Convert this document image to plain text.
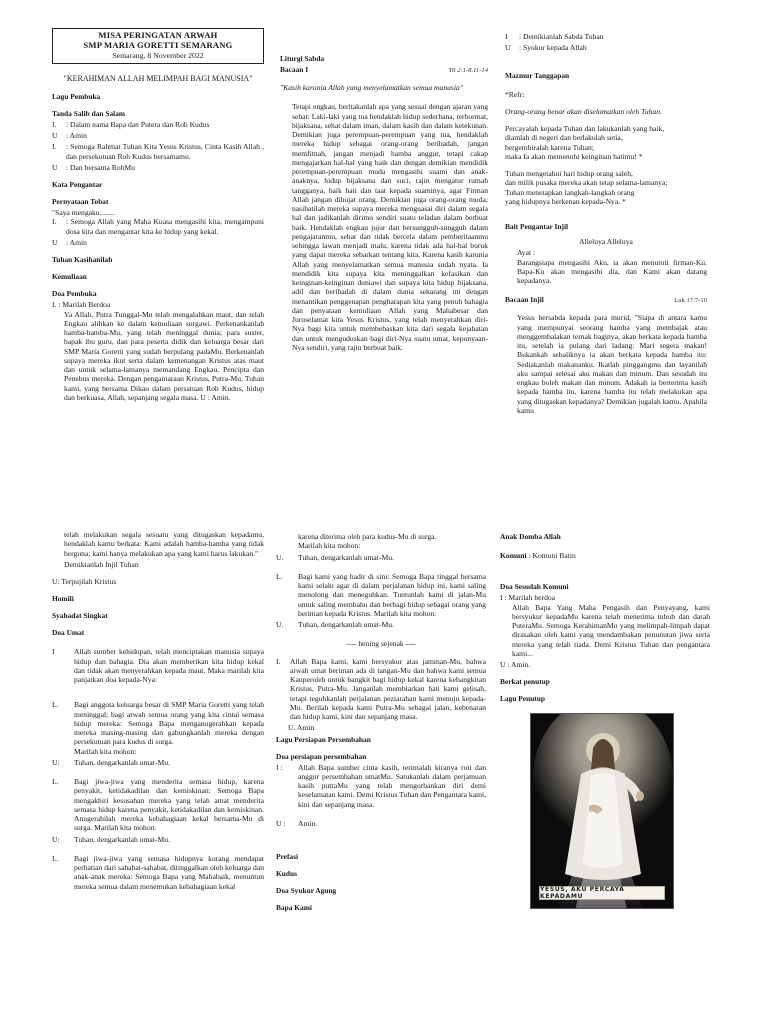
MISA PERINGATAN ARWAH
SMP MARIA GORETTI SEMARANG
Semarang, 8 November 2022
"KERAHIMAN ALLAH MELIMPAH BAGI MANUSIA"
Lagu Pembuka
Tanda Salib dan Salam
I.	: Dalam nama Bapa dan Putera dan Roh Kudus
U	: Amin
I.	: Semoga Rahmat Tuhan Kita Yesus Kristus, Cinta Kasih Allah , dan persekutuan Roh Kudus bersamamu.
U	: Dan bersama RohMu
Kata Pengantar
Pernyataan Tobat
"Saya mengaku........
I.	: Semoga Allah yang Maha Kuasa mengasihi kita, mengampuni dosa kita dan mengantar kita ke hidup yang kekal.
U	: Amin
Tuhan Kasihanilah
Kemuliaan
Doa Pembuka
I. : Marilah Berdoa

Ya Allah, Putra Tunggal-Mu telah mengalahkan maut, dan telah Engkau alihkan ke dalam kemuliaan surgawi. Perkenankanlah hamba-hamba-Mu, yang telah meninggal dunia; para suster, bapak ibu guru, dan para peserta didik dan keluarga besar dari SMP Maria Goretti yang sudah berpulang padaMu. Berkenanlah supaya mereka ikut serta dalam kemenangan Kristus atas maut dan untuk selama-lamanya memandang Engkau, Pencipta dan Penebus mereka. Dengan pengantaraan Kristus, Putra-Mu, Tuhan kami, yang bersama Dikau dalam persatuan Roh Kudus, hidup dan berkuasa, Allah, sepanjang segala masa. U : Amin.

Liturgi Sabda
Bacaan I	Tit 2:1-8.11-14

"Kasih karunia Allah yang menyelamatkan semua manusia"

Tetapi engkau, beritakanlah apa yang sesuai dengan ajaran yang sehat: Laki-laki yang tua hendaklah hidup sederhana, terhormat, bijaksana, sehat dalam iman, dalam kasih dan dalam ketekunan. Demikian juga perempuan-perempuan yang tua, hendaklah mereka hidup sebagai orang-orang beribadah, jangan memfitnah, jangan menjadi hamba anggur, tetapi cakap mengajarkan hal-hal yang baik dan dengan demikian mendidik perempuan-perempuan muda mengasihi suami dan anak-anaknya, hidup bijaksana dan suci, rajin mengatur rumah tangganya, baik hati dan taat kepada suaminya, agar Firman Allah jangan dihujat orang. Demikian juga orang-orang muda; nasihatilah mereka supaya mereka menguasai diri dalam segala hal dan jadikanlah dirimu sendiri suatu teladan dalam berbuat baik. Hendaklah engkau jujur dan bersungguh-sungguh dalam pengajaranmu, sehat dan tidak bercela dalam pemberitaanmu sehingga lawan menjadi malu, karena tidak ada hal-hal buruk yang dapat mereka sebarkan tentang kita. Karena kasih karunia Allah yang menyelamatkan semua manusia sudah nyata. Ia mendidik kita supaya kita meninggalkan kefasikan dan keinginan-keinginan duniawi dan supaya kita hidup bijaksana, adil dan beribadah di dalam dunia sekarang ini dengan menantikan penggenapan pengharapan kita yang penuh bahagia dan penyataan kemuliaan Allah yang Mahabesar dan Juruselamat kita Yesus Kristus, yang telah menyerahkan diri-Nya bagi kita untuk membebaskan kita dari segala kejahatan dan untuk menguduskan bagi diri-Nya suatu umat, kepunyaan-Nya sendiri, yang rajin berbuat baik.

I	: Demikianlah Sabda Tuhan
U	: Syukur kepada Allah
Mazmur Tanggapan
*Refr:
Orang-orang benar akan diselamatkan oleh Tuhan.
Percayalah kepada Tuhan dan lakukanlah yang baik,
diamlah di negeri dan berlakulah setia,
bergembiralah karena Tuhan;
maka Ia akan memenuhi keinginan hatimu! *
Tuhan mengetahui hari hidup orang saleh,
dan milik pusaka mereka akan tetap selama-lamanya;
Tuhan menetapkan langkah-langkah orang
yang hidupnya berkenan kepada-Nya. *
Bait Pengantar Injil
Alleluya Alleluya
Ayat :

Barangsiapa mengasihi Aku, ia akan menuruti firman-Ku. Bapa-Ku akan mengasihi dia, dan Kami akan datang kepadanya.

Bacaan Injil	Luk 17:7-10

Yesus bersabda kepada para murid, "Siapa di antara kamu yang mempunyai seorang hamba yang membajak atau menggembalakan ternak baginya, akan berkata kepada hamba itu, setelah ia pulang dari ladang: Mari segera makan! Bukankah sebaliknya ia akan berkata kepada hamba itu: Sediakanlah makananku. Ikatlah pinggangmu dan layanilah aku sampai selesai aku makan dan minum. Dan sesudah itu engkau boleh makan dan minum. Adakah ia berterima kasih kepada hamba itu, karena hamba itu telah melakukan apa yang ditugaskan kepadanya? Demikian jugalah kamu. Apabila kamu

telah melakukan segala sesuatu yang ditugaskan kepadamu, hendaklah kamu berkata: Kami adalah hamba-hamba yang tidak berguna; kami hanya melakukan apa yang kami harus lakukan."

Demikianlah Injil Tuhan
U: Terpujilah Kristus
Homili
Syahadat Singkat
Doa Umat
I	Allah sumber kehidupan, telah menciptakan manusia supaya hidup dan bahagia. Dia akan memberikan kita hidup kekal dan tidak akan menyerahkan kepada maut. Maka marilah kita panjatkan doa kepada-Nya:
L.	Bagi anggota keluarga besar di SMP Maria Goretti yang telah meninggal; bagi arwah semua orang yang kita cintai semasa hidup mereka: Semoga Bapa menganugerahkan kepada mereka masing-masing dan gabungkanlah mereka dengan persekutuan para kudus di surga.
Marilah kita mohon:
U:	Tuhan, dengarkanlah umat-Mu.
L.	Bagi jiwa-jiwa yang menderita semasa hidup, karena penyakit, ketidakadilan dan kemiskinan: Semoga Bapa mengakhiri kesusahan mereka yang telah amat menderita semasa hidup karena penyakit, ketidakadilan dan kemiskinan. Anugerahilah mereka kebahagiaan kekal bersama-Mu di surga. Marilah kita mohon:
U:	Tuhan, dengarkanlah umat-Mu.
L.	Bagi jiwa-jiwa yang semasa hidupnya kurang mendapat perhatian dari sahabat-sahabat, ditinggalkan oleh keluarga dan anak-anak mereka: Semoga Bapa yang Mahabaik, menuntun mereka semua dalam menemukan kebahagiaan kekal
karena diterima oleh para kudus-Mu di surga.
Marilah kita mohon:
U.	Tuhan, dengarkanlah umat-Mu.
L.	Bagi kami yang hadir di sini: Semoga Bapa tinggal bersama kami selalu agar di dalam perjalanan hidup ini, kami saling menolong dan meneguhkan. Tuntunlah kami di jalan-Mu untuk saling membahu dan berbagi hidup sebagai orang yang beriman kepada Kristus. Marilah kita mohon:
U.	Tuhan, dengarkanlah umat-Mu.
---- hening sejenak ----
I.	Allah Bapa kami, kami bersyukur atas jaminan-Mu, bahwa arwah umat beriman ada di tangan-Mu dan bahwa kami semua Kauperoleh untuk bangkit bagi hidup kekal karena kebangkitan Kristus, Putra-Mu. Janganlah membiarkan hati kami gelisah, tetapi teguhkanlah perjalanan peziarahan kami menuju kepada-Mu. Berilah kepada kami Putra-Mu sebagai jalan, kebenaran dan hidup kami, kini dan sepanjang masa.
U. Amin.
Lagu Persiapan Persembahan
Doa persiapan persembahan
I :	Allah Bapa sumber cinta kasih, terimalah kiranya roti dan anggur persembahan umatMu. Satukanlah dalam perjamuan kasih putraMu yang telah mengorbankan diri demi keselamatan kami. Demi Kristus Tuhan dan Pengantara kami, kini dan sepanjang masa.
U :	Amin.
Prefasi
Kudus
Doa Syukur Agung
Bapa Kami
Anak Domba Allah
Komuni : Komuni Batin
Doa Sesudah Komuni
I : Marilah berdoa

Allah Bapa Yang Maha Pengasih dan Penyayang, kami bersyukur kepadaMu karena telah menerima tubuh dan darah PuteraMu. Semoga KerahimanMu yang melimpah-limpah dapat dirasakan oleh kami yang mendambakan penunutan jiwa serta mereka yang telah tiada. Demi Kristus Tuhan dan pengantara kami...

U : Amin.
Berkat penutup
Lagu Penutup
YESUS, AKU PERCAYA KEPADAMU
